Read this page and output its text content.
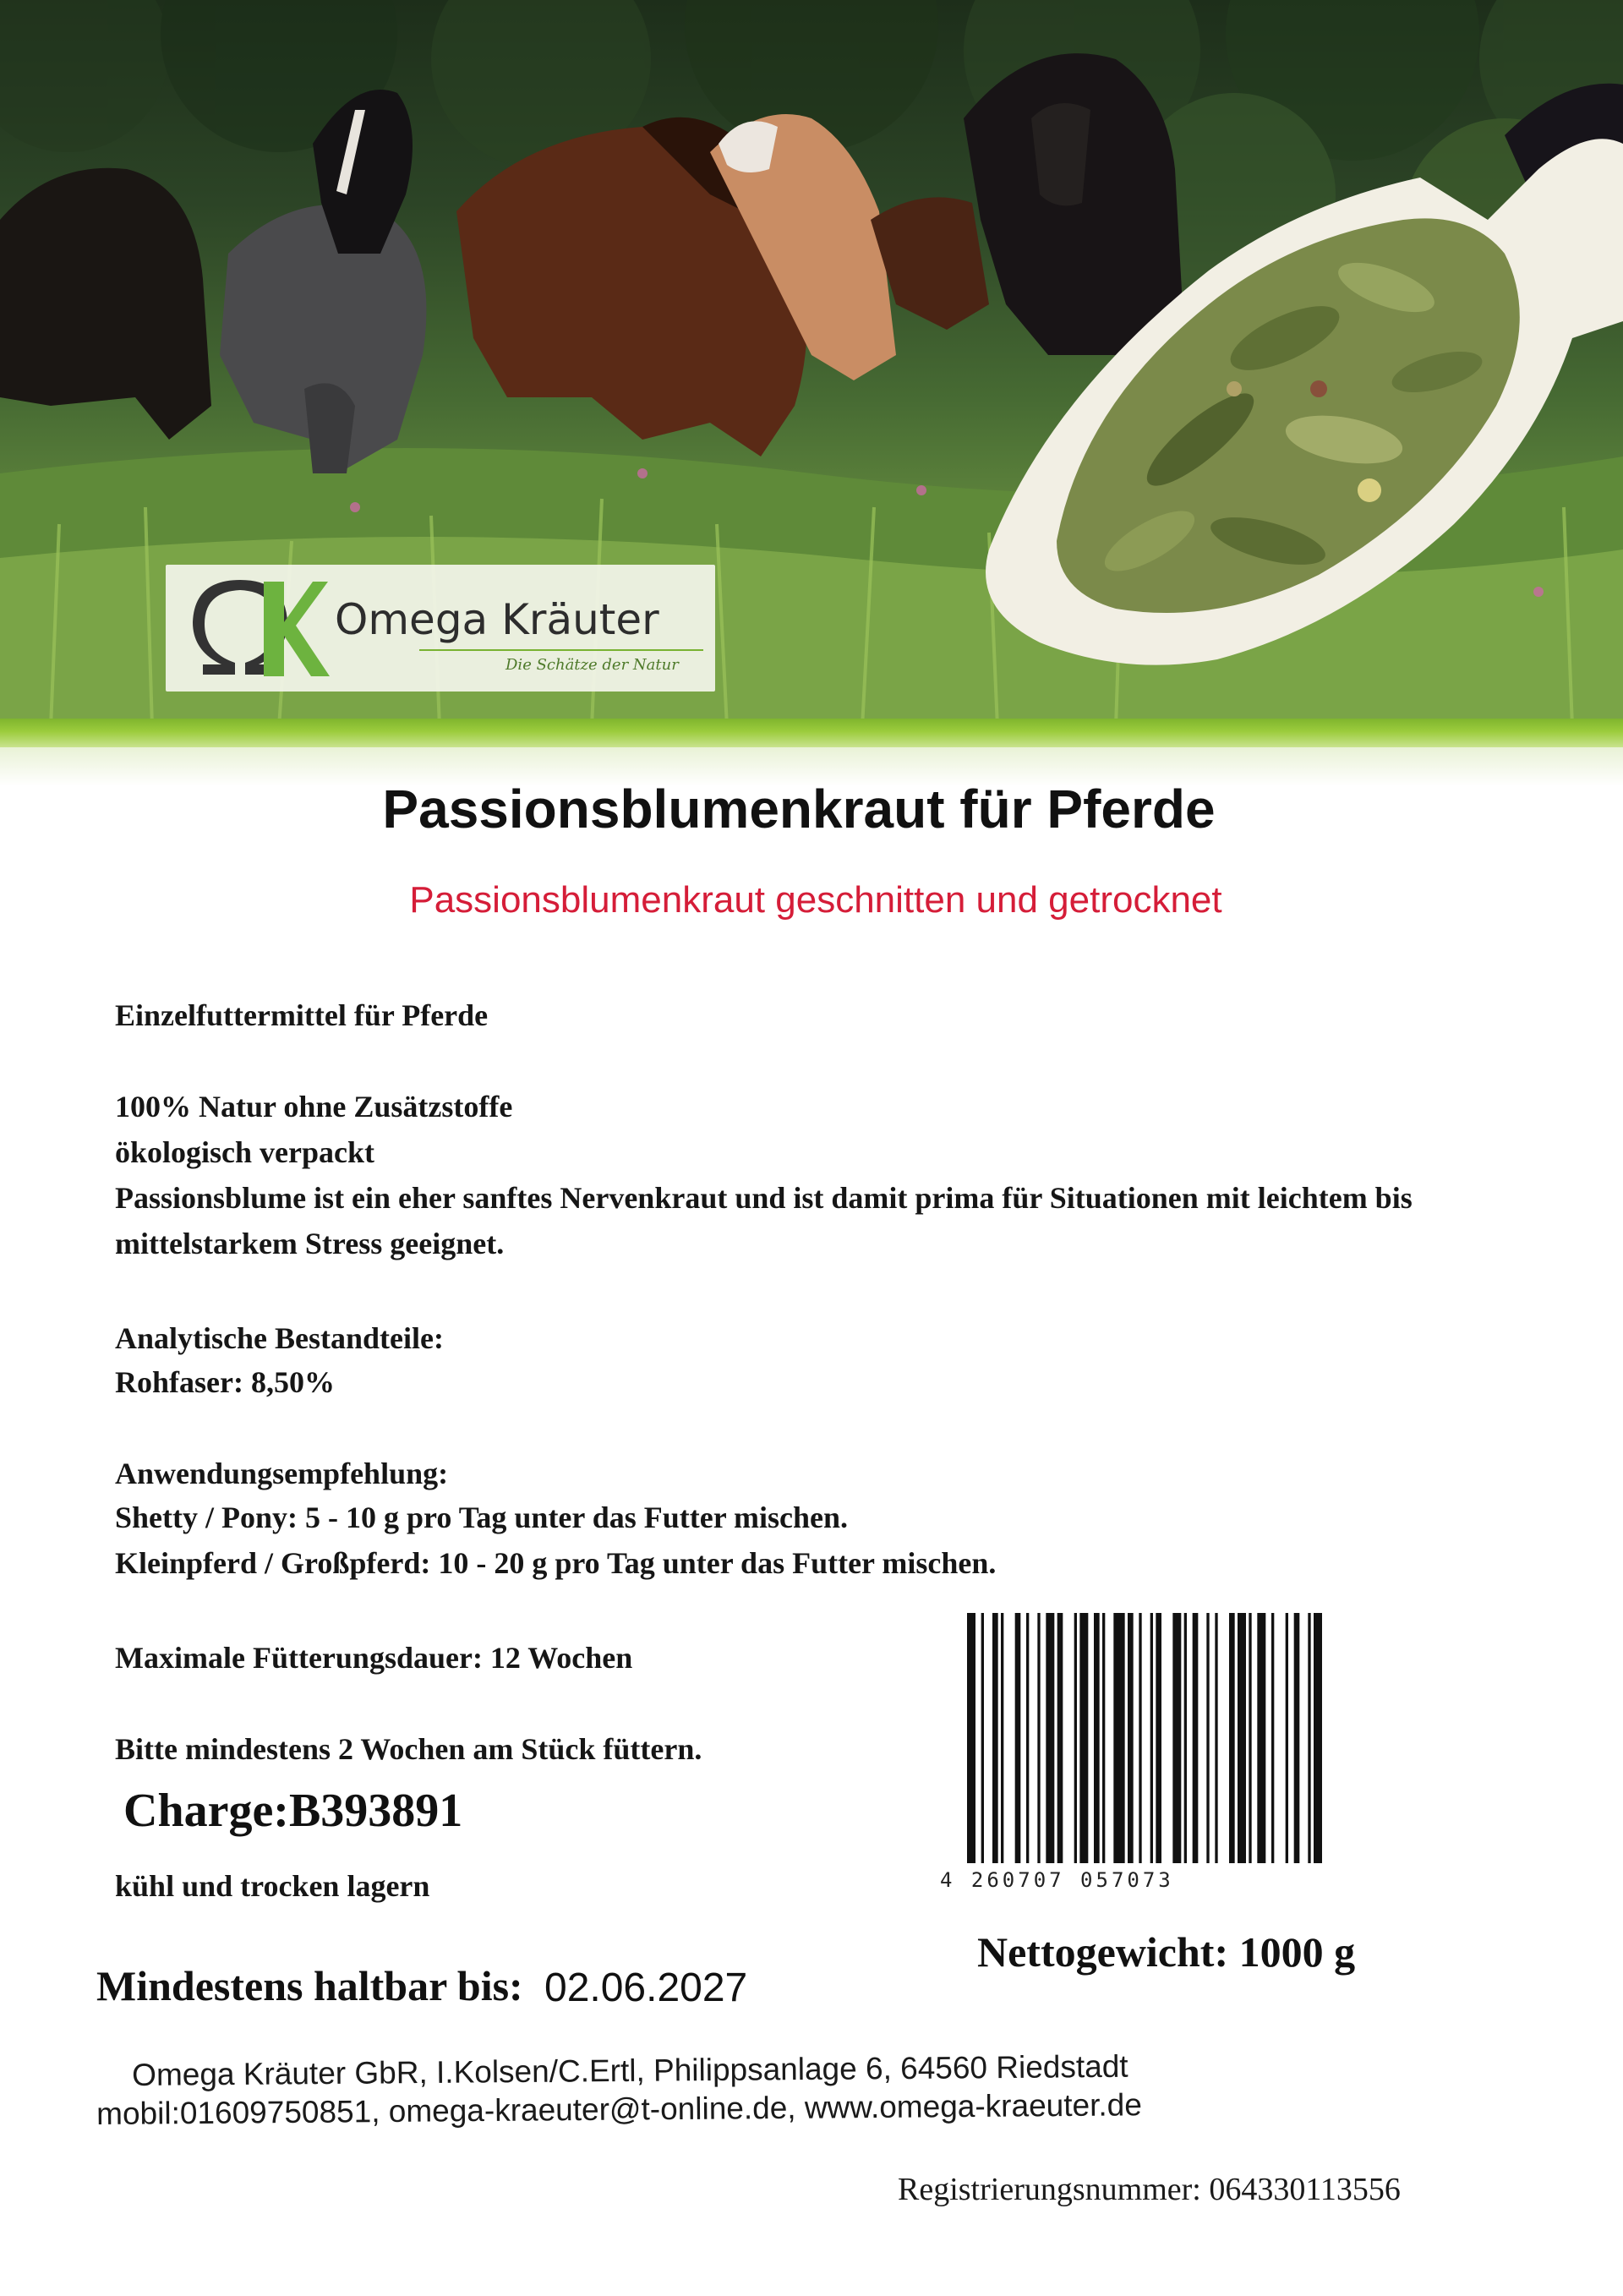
Omega Kräuter
Die Schätze der Natur
Passionsblumenkraut für Pferde
Passionsblumenkraut geschnitten und getrocknet
Einzelfuttermittel für Pferde
100% Natur ohne Zusätzstoffe
ökologisch verpackt
Passionsblume ist ein eher sanftes Nervenkraut und ist damit prima für Situationen mit leichtem bis
mittelstarkem Stress geeignet.
Analytische Bestandteile:
Rohfaser: 8,50%
Anwendungsempfehlung:
Shetty / Pony: 5 - 10 g pro Tag unter das Futter mischen.
Kleinpferd / Großpferd: 10 - 20 g pro Tag unter das Futter mischen.
Maximale Fütterungsdauer: 12 Wochen
Bitte mindestens 2 Wochen am Stück füttern.
Charge:B393891
kühl und trocken lagern	4 260707 057073
Nettogewicht: 1000 g
Mindestens haltbar bis: 02.06.2027
Omega Kräuter GbR, I.Kolsen/C.Ertl, Philippsanlage 6, 64560 Riedstadt
mobil:01609750851, omega-kraeuter@t-online.de, www.omega-kraeuter.de
Registrierungsnummer: 064330113556
